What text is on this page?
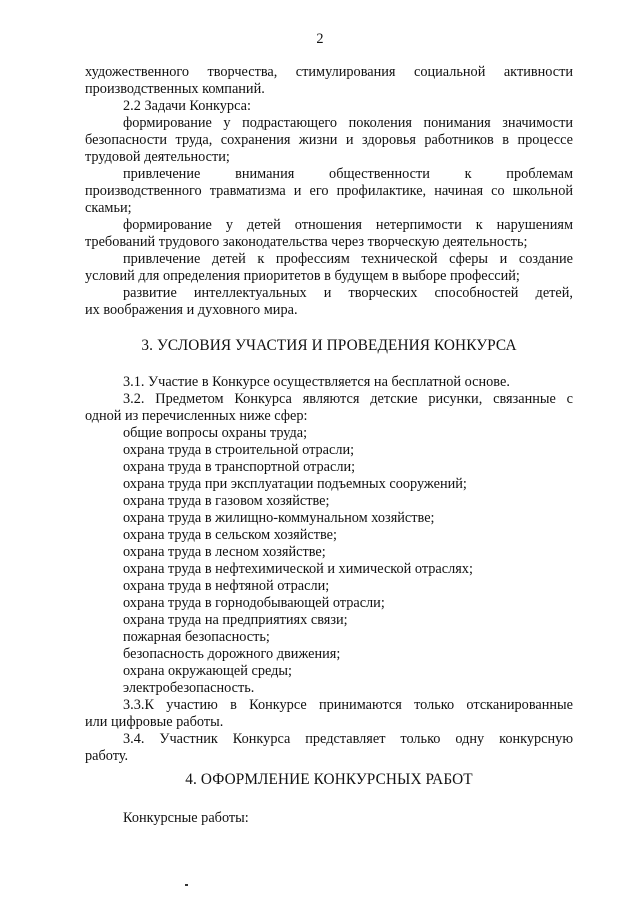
2

художественного творчества, стимулирования социальной активности

производственных компаний.

2.2 Задачи Конкурса:

формирование у подрастающего поколения понимания значимости

безопасности труда, сохранения жизни и здоровья работников в процессе

трудовой деятельности;

привлечение внимания общественности к проблемам

производственного травматизма и его профилактике, начиная со школьной

скамьи;

формирование у детей отношения нетерпимости к нарушениям

требований трудового законодательства через творческую деятельность;

привлечение детей к профессиям технической сферы и создание

условий для определения приоритетов в будущем в выборе профессий;

развитие интеллектуальных и творческих способностей детей,

их воображения и духовного мира.

3. УСЛОВИЯ УЧАСТИЯ И ПРОВЕДЕНИЯ КОНКУРСА

3.1. Участие в Конкурсе осуществляется на бесплатной основе.

3.2. Предметом Конкурса являются детские рисунки, связанные с

одной из перечисленных ниже сфер:

общие вопросы охраны труда;

охрана труда в строительной отрасли;

охрана труда в транспортной отрасли;

охрана труда при эксплуатации подъемных сооружений;

охрана труда в газовом хозяйстве;

охрана труда в жилищно-коммунальном хозяйстве;

охрана труда в сельском хозяйстве;

охрана труда в лесном хозяйстве;

охрана труда в нефтехимической и химической отраслях;

охрана труда в нефтяной отрасли;

охрана труда в горнодобывающей отрасли;

охрана труда на предприятиях связи;

пожарная безопасность;

безопасность дорожного движения;

охрана окружающей среды;

электробезопасность.

3.3.К участию в Конкурсе принимаются только отсканированные

или цифровые работы.

3.4. Участник Конкурса представляет только одну конкурсную

работу.

4. ОФОРМЛЕНИЕ КОНКУРСНЫХ РАБОТ

Конкурсные работы:
